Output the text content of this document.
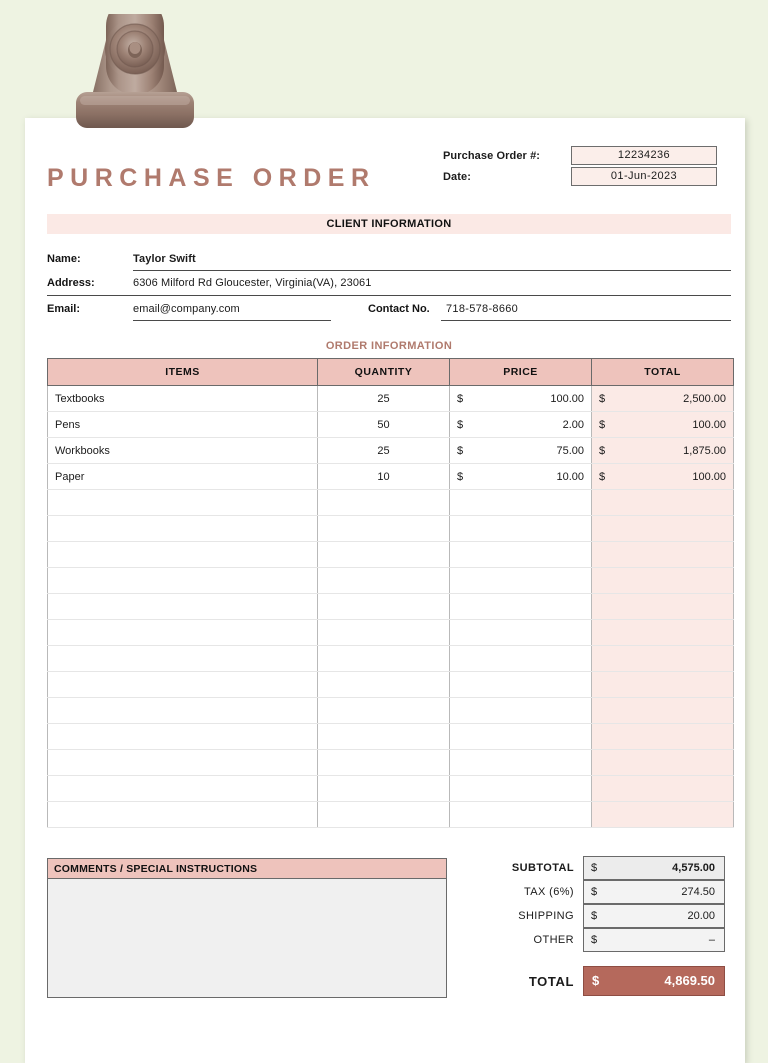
PURCHASE ORDER
Purchase Order #:	12234236
Date:	01-Jun-2023
CLIENT INFORMATION
Name:	Taylor Swift
Address:	6306 Milford Rd Gloucester, Virginia(VA), 23061
Email:	email@company.com	Contact No. 718-578-8660
ORDER INFORMATION
ITEMS	QUANTITY	PRICE	TOTAL
Textbooks	25	$ 100.00	$ 2,500.00
Pens	50	$ 2.00	$ 100.00
Workbooks	25	$ 75.00	$ 1,875.00
Paper	10	$ 10.00	$ 100.00

COMMENTS / SPECIAL INSTRUCTIONS	SUBTOTAL	$	4,575.00
TAX (6%)	$	274.50
SHIPPING	$	20.00
OTHER	$	–
TOTAL	$	4,869.50
